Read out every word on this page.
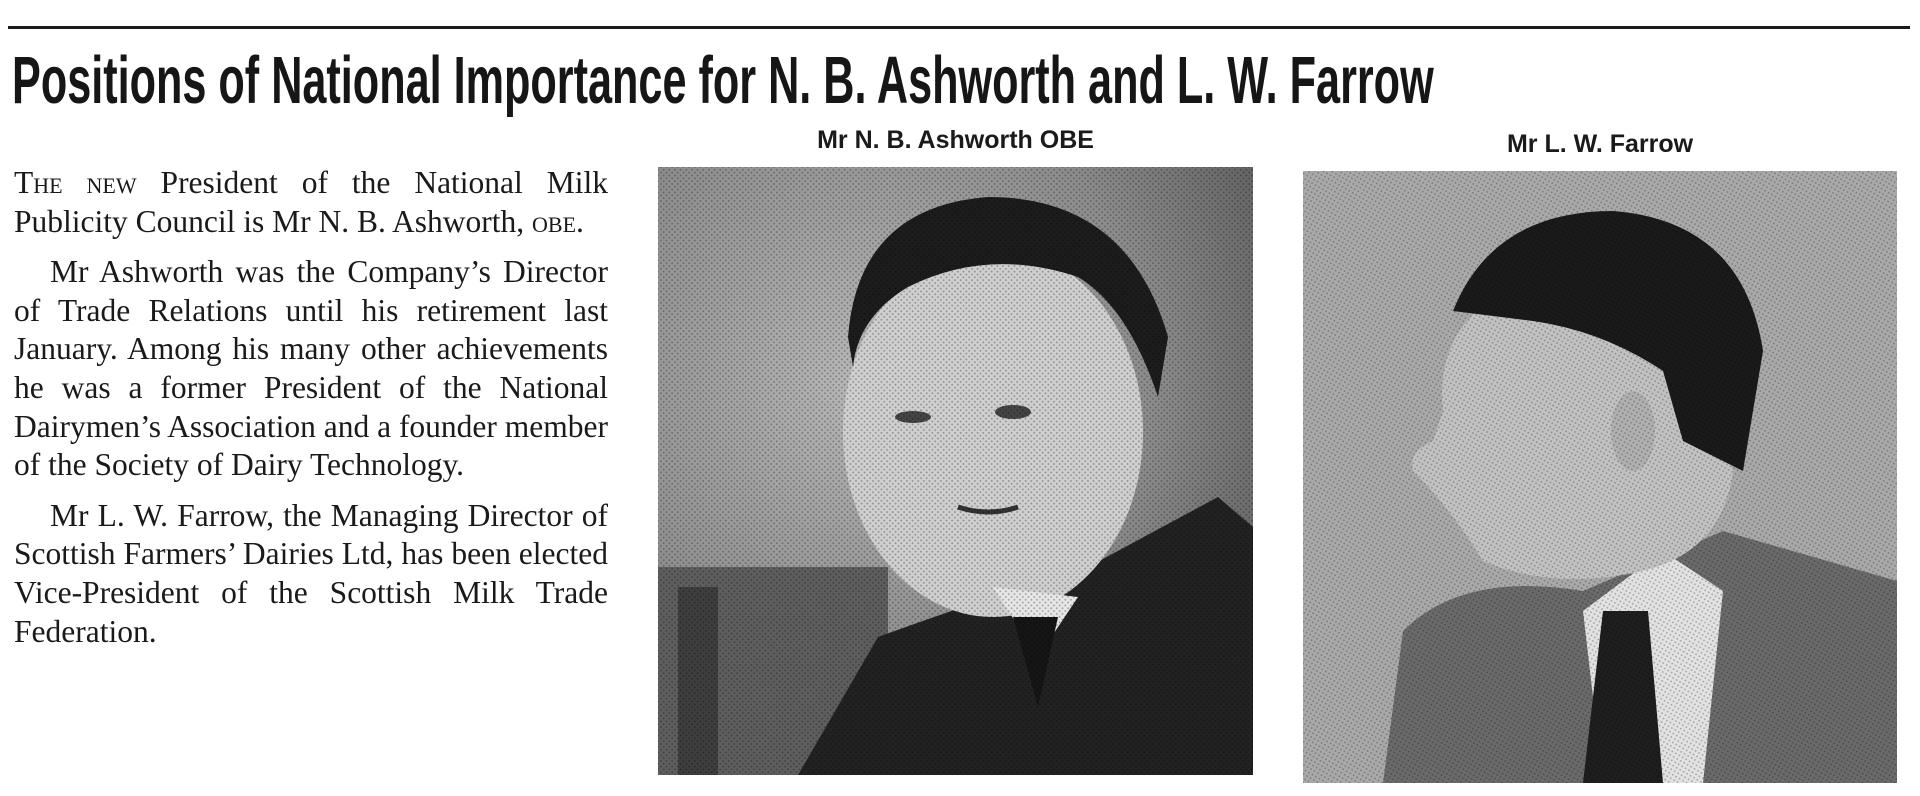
Positions of National Importance for N. B. Ashworth and L. W. Farrow

The new President of the National Milk Publicity Council is Mr N. B. Ashworth, obe.

Mr Ashworth was the Company’s Director of Trade Relations until his retirement last January. Among his many other achievements he was a former President of the National Dairymen’s Association and a founder member of the Society of Dairy Technology.

Mr L. W. Farrow, the Managing Director of Scottish Farmers’ Dairies Ltd, has been elected Vice-President of the Scottish Milk Trade Federation.

Mr N. B. Ashworth OBE	Mr L. W. Farrow
